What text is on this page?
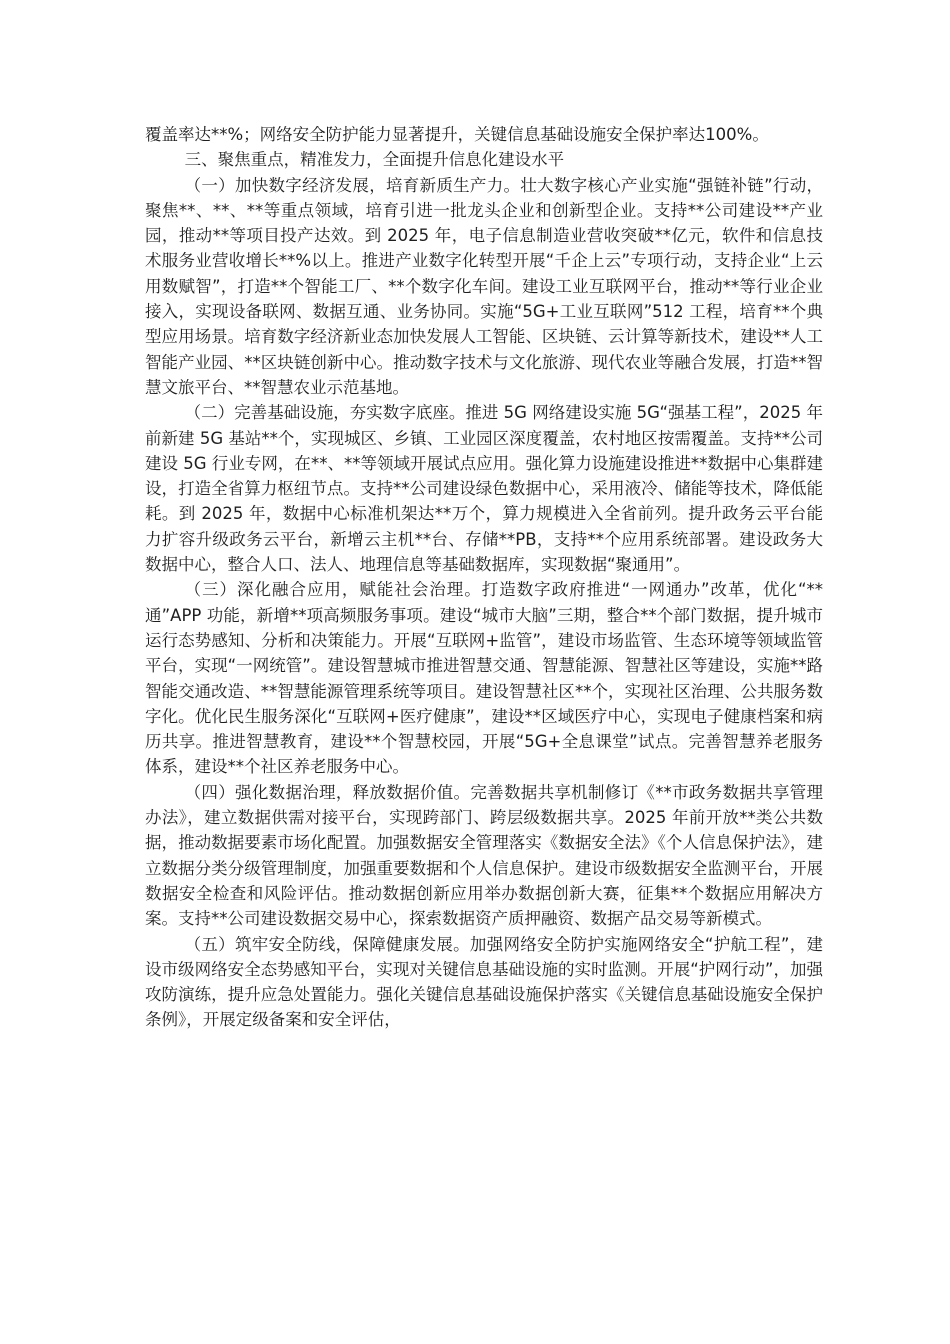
覆盖率达**%；网络安全防护能力显著提升，关键信息基础设施安全保护率达100%。

三、聚焦重点，精准发力，全面提升信息化建设水平

（一）加快数字经济发展，培育新质生产力。壮大数字核心产业实施“强链补链”行动，聚焦**、**、**等重点领域，培育引进一批龙头企业和创新型企业。支持**公司建设**产业园，推动**等项目投产达效。到 2025 年，电子信息制造业营收突破**亿元，软件和信息技术服务业营收增长**%以上。推进产业数字化转型开展“千企上云”专项行动，支持企业“上云用数赋智”，打造**个智能工厂、**个数字化车间。建设工业互联网平台，推动**等行业企业接入，实现设备联网、数据互通、业务协同。实施“5G+工业互联网”512 工程，培育**个典型应用场景。培育数字经济新业态加快发展人工智能、区块链、云计算等新技术，建设**人工智能产业园、**区块链创新中心。推动数字技术与文化旅游、现代农业等融合发展，打造**智慧文旅平台、**智慧农业示范基地。

（二）完善基础设施，夯实数字底座。推进 5G 网络建设实施 5G“强基工程”，2025 年前新建 5G 基站**个，实现城区、乡镇、工业园区深度覆盖，农村地区按需覆盖。支持**公司建设 5G 行业专网，在**、**等领域开展试点应用。强化算力设施建设推进**数据中心集群建设，打造全省算力枢纽节点。支持**公司建设绿色数据中心，采用液冷、储能等技术，降低能耗。到 2025 年，数据中心标准机架达**万个，算力规模进入全省前列。提升政务云平台能力扩容升级政务云平台，新增云主机**台、存储**PB，支持**个应用系统部署。建设政务大数据中心，整合人口、法人、地理信息等基础数据库，实现数据“聚通用”。

（三）深化融合应用，赋能社会治理。打造数字政府推进“一网通办”改革，优化“**通”APP 功能，新增**项高频服务事项。建设“城市大脑”三期，整合**个部门数据，提升城市运行态势感知、分析和决策能力。开展“互联网+监管”，建设市场监管、生态环境等领域监管平台，实现“一网统管”。建设智慧城市推进智慧交通、智慧能源、智慧社区等建设，实施**路智能交通改造、**智慧能源管理系统等项目。建设智慧社区**个，实现社区治理、公共服务数字化。优化民生服务深化“互联网+医疗健康”，建设**区域医疗中心，实现电子健康档案和病历共享。推进智慧教育，建设**个智慧校园，开展“5G+全息课堂”试点。完善智慧养老服务体系，建设**个社区养老服务中心。

（四）强化数据治理，释放数据价值。完善数据共享机制修订《**市政务数据共享管理办法》，建立数据供需对接平台，实现跨部门、跨层级数据共享。2025 年前开放**类公共数据，推动数据要素市场化配置。加强数据安全管理落实《数据安全法》《个人信息保护法》，建立数据分类分级管理制度，加强重要数据和个人信息保护。建设市级数据安全监测平台，开展数据安全检查和风险评估。推动数据创新应用举办数据创新大赛，征集**个数据应用解决方案。支持**公司建设数据交易中心，探索数据资产质押融资、数据产品交易等新模式。

（五）筑牢安全防线，保障健康发展。加强网络安全防护实施网络安全“护航工程”，建设市级网络安全态势感知平台，实现对关键信息基础设施的实时监测。开展“护网行动”，加强攻防演练，提升应急处置能力。强化关键信息基础设施保护落实《关键信息基础设施安全保护条例》，开展定级备案和安全评估，
